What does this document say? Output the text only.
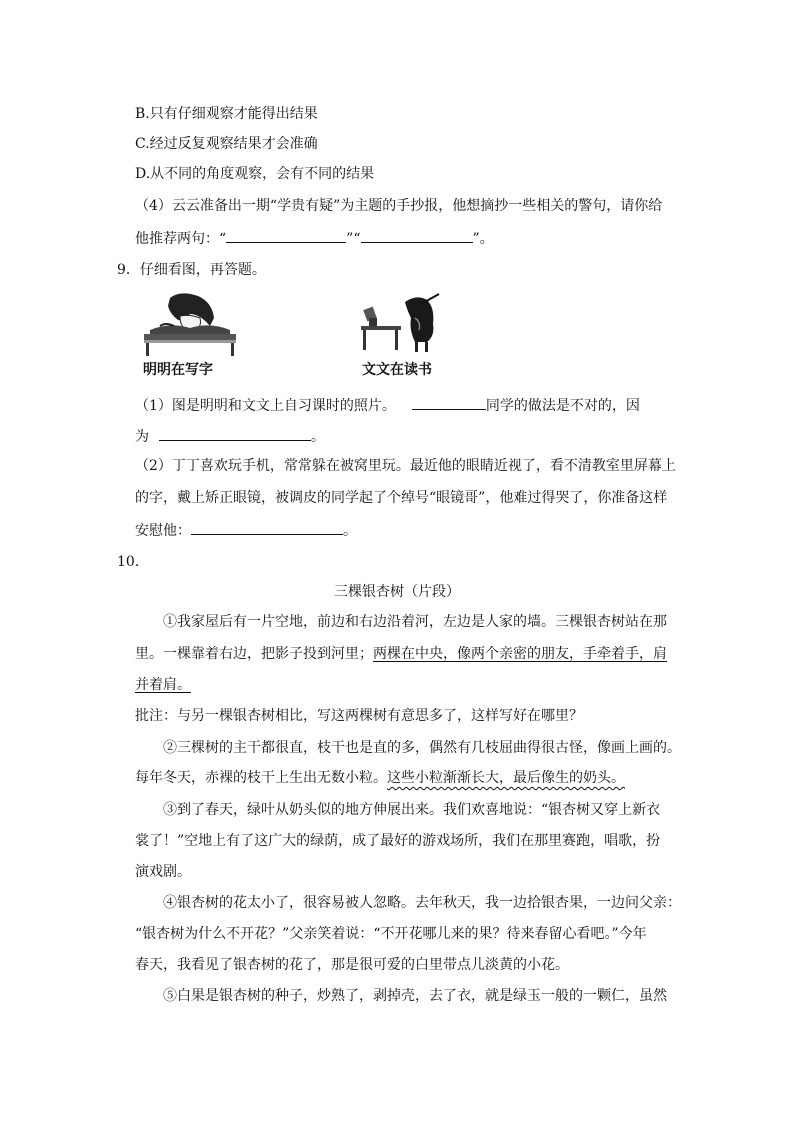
B.只有仔细观察才能得出结果
C.经过反复观察结果才会准确
D.从不同的角度观察，会有不同的结果
（4）云云准备出一期“学贵有疑”为主题的手抄报，他想摘抄一些相关的警句，请你给
他推荐两句：“	”“	”。
9．仔细看图，再答题。
明明在写字	文文在读书
（1）图是明明和文文上自习课时的照片。	同学的做法是不对的，因
为	。
（2）丁丁喜欢玩手机，常常躲在被窝里玩。最近他的眼睛近视了，看不清教室里屏幕上
的字，戴上矫正眼镜，被调皮的同学起了个绰号“眼镜哥”，他难过得哭了，你准备这样
安慰他：	。
10．
三棵银杏树（片段）
①我家屋后有一片空地，前边和右边沿着河，左边是人家的墙。三棵银杏树站在那
里。一棵靠着右边，把影子投到河里；两棵在中央，像两个亲密的朋友，手牵着手，肩
并着肩。
批注：与另一棵银杏树相比，写这两棵树有意思多了，这样写好在哪里？
②三棵树的主干都很直，枝干也是直的多，偶然有几枝屈曲得很古怪，像画上画的。
每年冬天，赤裸的枝干上生出无数小粒。这些小粒渐渐长大，最后像生的奶头。
③到了春天，绿叶从奶头似的地方伸展出来。我们欢喜地说：“银杏树又穿上新衣
裳了！”空地上有了这广大的绿荫，成了最好的游戏场所，我们在那里赛跑，唱歌，扮
演戏剧。
④银杏树的花太小了，很容易被人忽略。去年秋天，我一边拾银杏果，一边问父亲：
“银杏树为什么不开花？”父亲笑着说：“不开花哪儿来的果？待来春留心看吧。”今年
春天，我看见了银杏树的花了，那是很可爱的白里带点儿淡黄的小花。
⑤白果是银杏树的种子，炒熟了，剥掉壳，去了衣，就是绿玉一般的一颗仁，虽然
